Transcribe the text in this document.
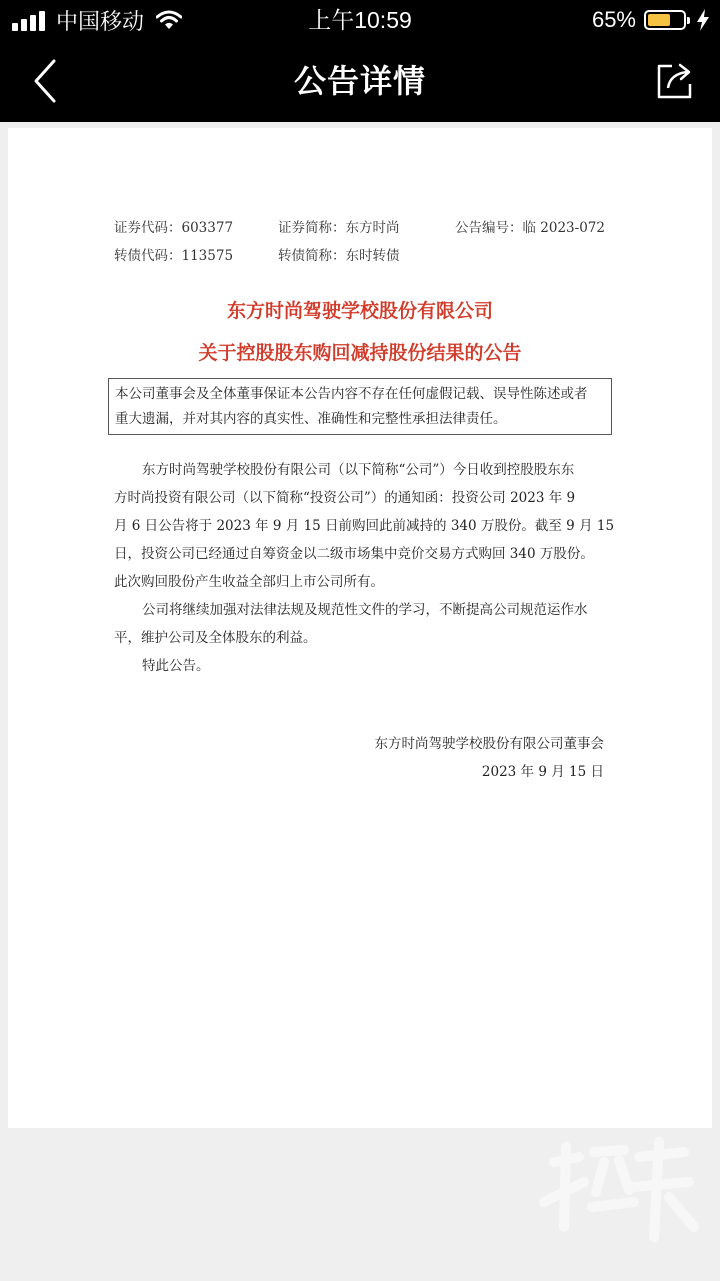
中国移动	上午10:59	65%
公告详情
证券代码：603377	证券简称：东方时尚	公告编号：临 2023-072
转债代码：113575	转债简称：东时转债
东方时尚驾驶学校股份有限公司
关于控股股东购回减持股份结果的公告
本公司董事会及全体董事保证本公告内容不存在任何虚假记载、误导性陈述或者
重大遗漏，并对其内容的真实性、准确性和完整性承担法律责任。
东方时尚驾驶学校股份有限公司（以下简称“公司”）今日收到控股股东东
方时尚投资有限公司（以下简称“投资公司”）的通知函：投资公司 2023 年 9
月 6 日公告将于 2023 年 9 月 15 日前购回此前减持的 340 万股份。截至 9 月 15
日，投资公司已经通过自筹资金以二级市场集中竞价交易方式购回 340 万股份。
此次购回股份产生收益全部归上市公司所有。
公司将继续加强对法律法规及规范性文件的学习，不断提高公司规范运作水
平，维护公司及全体股东的利益。
特此公告。
东方时尚驾驶学校股份有限公司董事会
2023 年 9 月 15 日
